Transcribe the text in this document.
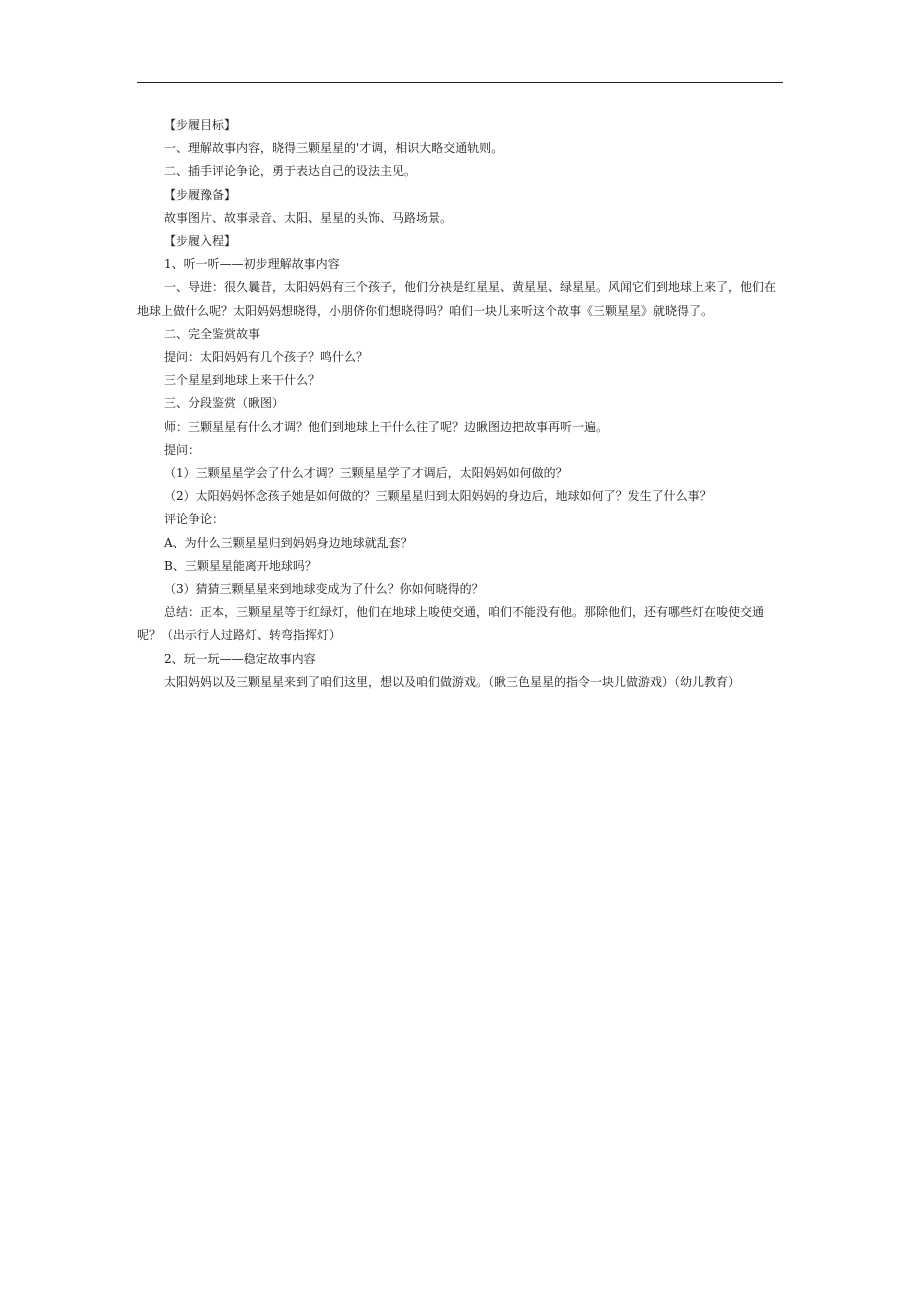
【步履目标】

一、理解故事内容，晓得三颗星星的'才调，相识大略交通轨则。

二、插手评论争论，勇于表达自己的设法主见。

【步履豫备】

故事图片、故事录音、太阳、星星的头饰、马路场景。

【步履入程】

1、听一听——初步理解故事内容

一、导进：很久曩昔，太阳妈妈有三个孩子，他们分袂是红星星、黄星星、绿星星。风闻它们到地球上来了，他们在地球上做什么呢？太阳妈妈想晓得，小朋侪你们想晓得吗？咱们一块儿来听这个故事《三颗星星》就晓得了。

二、完全鉴赏故事

提问：太阳妈妈有几个孩子？鸣什么？

三个星星到地球上来干什么？

三、分段鉴赏（瞅图）

师：三颗星星有什么才调？他们到地球上干什么往了呢？边瞅图边把故事再听一遍。

提问：

（1）三颗星星学会了什么才调？三颗星星学了才调后，太阳妈妈如何做的？

（2）太阳妈妈怀念孩子她是如何做的？三颗星星归到太阳妈妈的身边后，地球如何了？发生了什么事？

评论争论：

A、为什么三颗星星归到妈妈身边地球就乱套？

B、三颗星星能离开地球吗？

（3）猜猜三颗星星来到地球变成为了什么？你如何晓得的？

总结：正本，三颗星星等于红绿灯，他们在地球上唆使交通，咱们不能没有他。那除他们，还有哪些灯在唆使交通呢？（出示行人过路灯、转弯指挥灯）

2、玩一玩——稳定故事内容

太阳妈妈以及三颗星星来到了咱们这里，想以及咱们做游戏。（瞅三色星星的指令一块儿做游戏）（幼儿教育）
